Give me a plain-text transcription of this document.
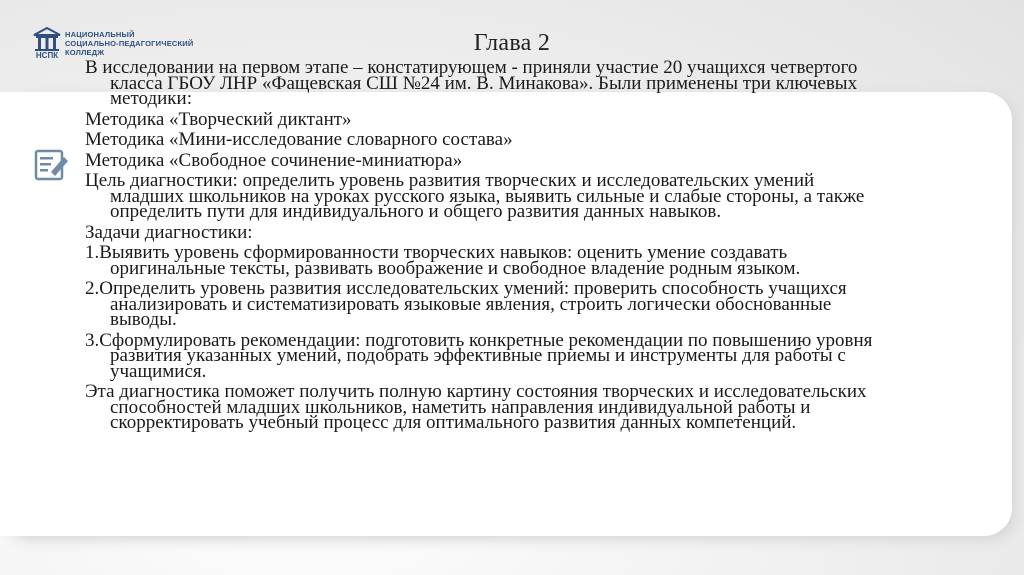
НСПК
НАЦИОНАЛЬНЫЙ
СОЦИАЛЬНО-ПЕДАГОГИЧЕСКИЙ
КОЛЛЕДЖ	Глава 2

В исследовании на первом этапе – констатирующем - приняли участие 20 учащихся четвертого
класса ГБОУ ЛНР «Фащевская СШ №24 им. В. Минакова». Были применены три ключевых
методики:

Методика «Творческий диктант»

Методика «Мини-исследование словарного состава»

Методика «Свободное сочинение-миниатюра»

Цель диагностики: определить уровень развития творческих и исследовательских умений
младших школьников на уроках русского языка, выявить сильные и слабые стороны, а также
определить пути для индивидуального и общего развития данных навыков.

Задачи диагностики:

1.Выявить уровень сформированности творческих навыков: оценить умение создавать
оригинальные тексты, развивать воображение и свободное владение родным языком.

2.Определить уровень развития исследовательских умений: проверить способность учащихся
анализировать и систематизировать языковые явления, строить логически обоснованные
выводы.

3.Сформулировать рекомендации: подготовить конкретные рекомендации по повышению уровня
развития указанных умений, подобрать эффективные приемы и инструменты для работы с
учащимися.

Эта диагностика поможет получить полную картину состояния творческих и исследовательских
способностей младших школьников, наметить направления индивидуальной работы и
скорректировать учебный процесс для оптимального развития данных компетенций.
